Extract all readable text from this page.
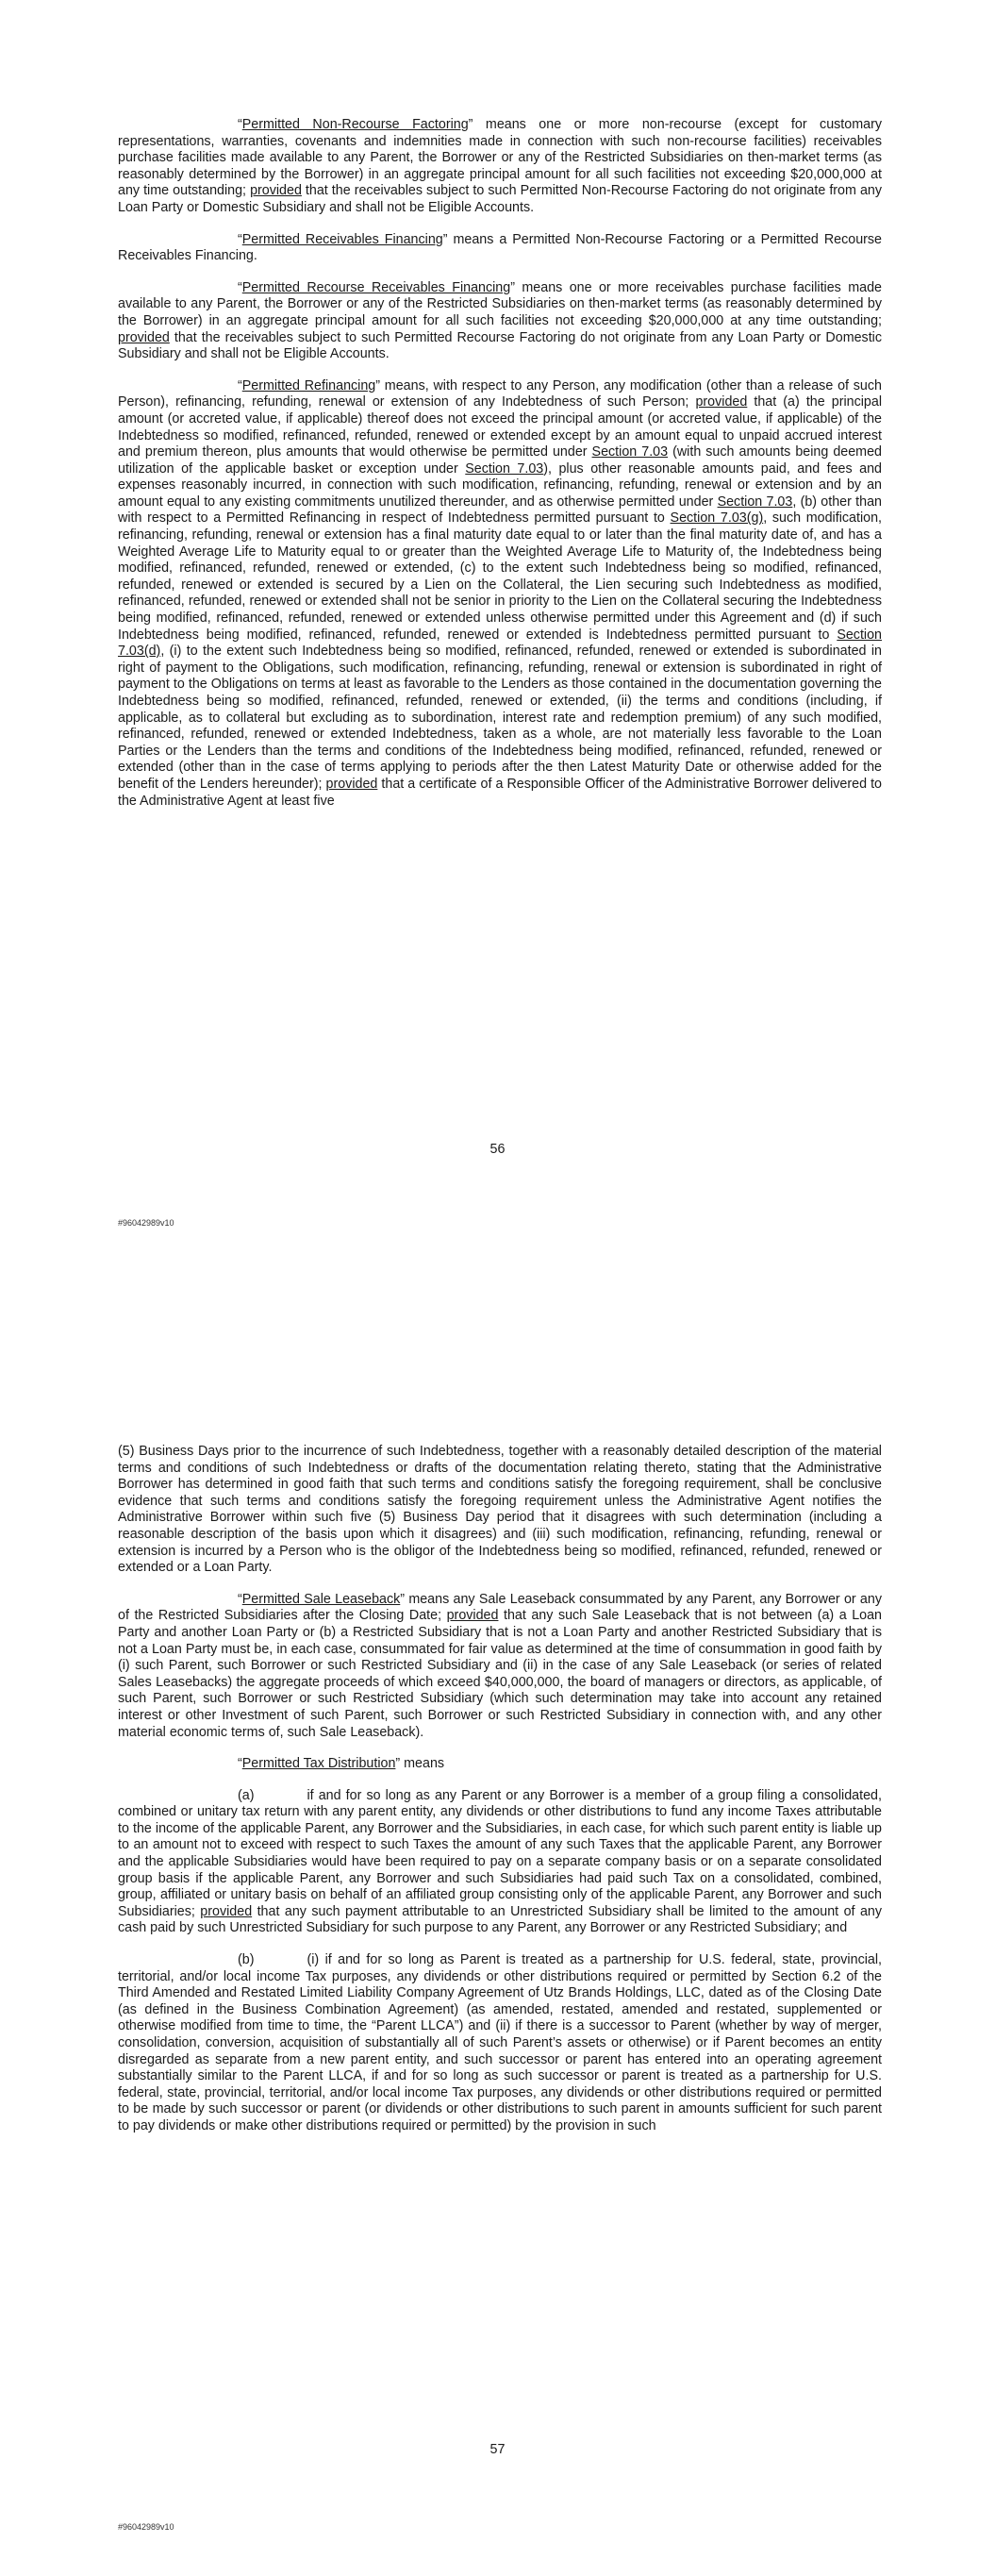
“Permitted Non-Recourse Factoring” means one or more non-recourse (except for customary representations, warranties, covenants and indemnities made in connection with such non-recourse facilities) receivables purchase facilities made available to any Parent, the Borrower or any of the Restricted Subsidiaries on then-market terms (as reasonably determined by the Borrower) in an aggregate principal amount for all such facilities not exceeding $20,000,000 at any time outstanding; provided that the receivables subject to such Permitted Non-Recourse Factoring do not originate from any Loan Party or Domestic Subsidiary and shall not be Eligible Accounts.

“Permitted Receivables Financing” means a Permitted Non-Recourse Factoring or a Permitted Recourse Receivables Financing.

“Permitted Recourse Receivables Financing” means one or more receivables purchase facilities made available to any Parent, the Borrower or any of the Restricted Subsidiaries on then-market terms (as reasonably determined by the Borrower) in an aggregate principal amount for all such facilities not exceeding $20,000,000 at any time outstanding; provided that the receivables subject to such Permitted Recourse Factoring do not originate from any Loan Party or Domestic Subsidiary and shall not be Eligible Accounts.

“Permitted Refinancing” means, with respect to any Person, any modification (other than a release of such Person), refinancing, refunding, renewal or extension of any Indebtedness of such Person; provided that (a) the principal amount (or accreted value, if applicable) thereof does not exceed the principal amount (or accreted value, if applicable) of the Indebtedness so modified, refinanced, refunded, renewed or extended except by an amount equal to unpaid accrued interest and premium thereon, plus amounts that would otherwise be permitted under Section 7.03 (with such amounts being deemed utilization of the applicable basket or exception under Section 7.03), plus other reasonable amounts paid, and fees and expenses reasonably incurred, in connection with such modification, refinancing, refunding, renewal or extension and by an amount equal to any existing commitments unutilized thereunder, and as otherwise permitted under Section 7.03, (b) other than with respect to a Permitted Refinancing in respect of Indebtedness permitted pursuant to Section 7.03(g), such modification, refinancing, refunding, renewal or extension has a final maturity date equal to or later than the final maturity date of, and has a Weighted Average Life to Maturity equal to or greater than the Weighted Average Life to Maturity of, the Indebtedness being modified, refinanced, refunded, renewed or extended, (c) to the extent such Indebtedness being so modified, refinanced, refunded, renewed or extended is secured by a Lien on the Collateral, the Lien securing such Indebtedness as modified, refinanced, refunded, renewed or extended shall not be senior in priority to the Lien on the Collateral securing the Indebtedness being modified, refinanced, refunded, renewed or extended unless otherwise permitted under this Agreement and (d) if such Indebtedness being modified, refinanced, refunded, renewed or extended is Indebtedness permitted pursuant to Section 7.03(d), (i) to the extent such Indebtedness being so modified, refinanced, refunded, renewed or extended is subordinated in right of payment to the Obligations, such modification, refinancing, refunding, renewal or extension is subordinated in right of payment to the Obligations on terms at least as favorable to the Lenders as those contained in the documentation governing the Indebtedness being so modified, refinanced, refunded, renewed or extended, (ii) the terms and conditions (including, if applicable, as to collateral but excluding as to subordination, interest rate and redemption premium) of any such modified, refinanced, refunded, renewed or extended Indebtedness, taken as a whole, are not materially less favorable to the Loan Parties or the Lenders than the terms and conditions of the Indebtedness being modified, refinanced, refunded, renewed or extended (other than in the case of terms applying to periods after the then Latest Maturity Date or otherwise added for the benefit of the Lenders hereunder); provided that a certificate of a Responsible Officer of the Administrative Borrower delivered to the Administrative Agent at least five

56
#96042989v10

(5) Business Days prior to the incurrence of such Indebtedness, together with a reasonably detailed description of the material terms and conditions of such Indebtedness or drafts of the documentation relating thereto, stating that the Administrative Borrower has determined in good faith that such terms and conditions satisfy the foregoing requirement, shall be conclusive evidence that such terms and conditions satisfy the foregoing requirement unless the Administrative Agent notifies the Administrative Borrower within such five (5) Business Day period that it disagrees with such determination (including a reasonable description of the basis upon which it disagrees) and (iii) such modification, refinancing, refunding, renewal or extension is incurred by a Person who is the obligor of the Indebtedness being so modified, refinanced, refunded, renewed or extended or a Loan Party.

“Permitted Sale Leaseback” means any Sale Leaseback consummated by any Parent, any Borrower or any of the Restricted Subsidiaries after the Closing Date; provided that any such Sale Leaseback that is not between (a) a Loan Party and another Loan Party or (b) a Restricted Subsidiary that is not a Loan Party and another Restricted Subsidiary that is not a Loan Party must be, in each case, consummated for fair value as determined at the time of consummation in good faith by (i) such Parent, such Borrower or such Restricted Subsidiary and (ii) in the case of any Sale Leaseback (or series of related Sales Leasebacks) the aggregate proceeds of which exceed $40,000,000, the board of managers or directors, as applicable, of such Parent, such Borrower or such Restricted Subsidiary (which such determination may take into account any retained interest or other Investment of such Parent, such Borrower or such Restricted Subsidiary in connection with, and any other material economic terms of, such Sale Leaseback).

“Permitted Tax Distribution” means

(a)	if and for so long as any Parent or any Borrower is a member of a group filing a consolidated, combined or unitary tax return with any parent entity, any dividends or other distributions to fund any income Taxes attributable to the income of the applicable Parent, any Borrower and the Subsidiaries, in each case, for which such parent entity is liable up to an amount not to exceed with respect to such Taxes the amount of any such Taxes that the applicable Parent, any Borrower and the applicable Subsidiaries would have been required to pay on a separate company basis or on a separate consolidated group basis if the applicable Parent, any Borrower and such Subsidiaries had paid such Tax on a consolidated, combined, group, affiliated or unitary basis on behalf of an affiliated group consisting only of the applicable Parent, any Borrower and such Subsidiaries; provided that any such payment attributable to an Unrestricted Subsidiary shall be limited to the amount of any cash paid by such Unrestricted Subsidiary for such purpose to any Parent, any Borrower or any Restricted Subsidiary; and

(b)	(i) if and for so long as Parent is treated as a partnership for U.S. federal, state, provincial, territorial, and/or local income Tax purposes, any dividends or other distributions required or permitted by Section 6.2 of the Third Amended and Restated Limited Liability Company Agreement of Utz Brands Holdings, LLC, dated as of the Closing Date (as defined in the Business Combination Agreement) (as amended, restated, amended and restated, supplemented or otherwise modified from time to time, the “Parent LLCA”) and (ii) if there is a successor to Parent (whether by way of merger, consolidation, conversion, acquisition of substantially all of such Parent’s assets or otherwise) or if Parent becomes an entity disregarded as separate from a new parent entity, and such successor or parent has entered into an operating agreement substantially similar to the Parent LLCA, if and for so long as such successor or parent is treated as a partnership for U.S. federal, state, provincial, territorial, and/or local income Tax purposes, any dividends or other distributions required or permitted to be made by such successor or parent (or dividends or other distributions to such parent in amounts sufficient for such parent to pay dividends or make other distributions required or permitted) by the provision in such

57
#96042989v10
